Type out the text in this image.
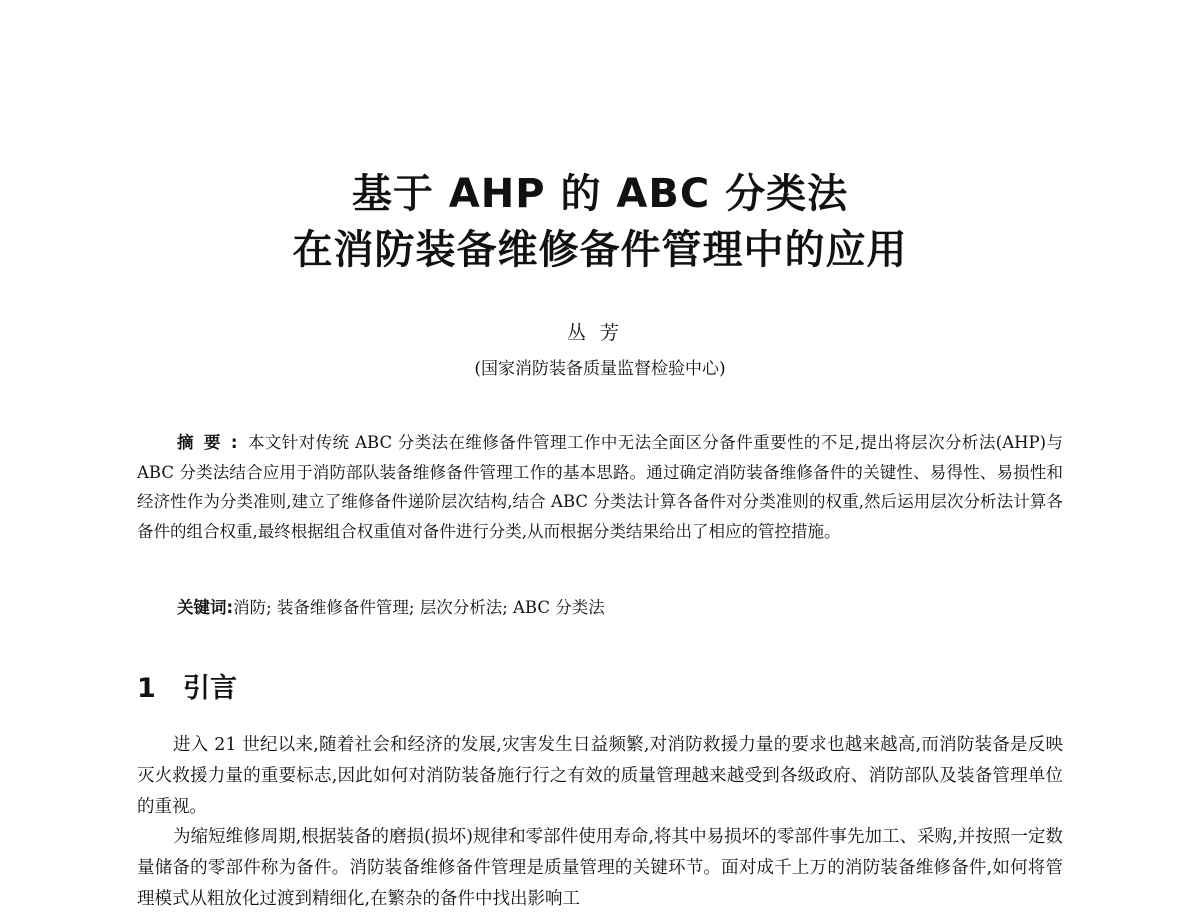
基于 AHP 的 ABC 分类法
在消防装备维修备件管理中的应用

丛芳

(国家消防装备质量监督检验中心)

摘要:本文针对传统 ABC 分类法在维修备件管理工作中无法全面区分备件重要性的不足,提出将层次分析法(AHP)与 ABC 分类法结合应用于消防部队装备维修备件管理工作的基本思路。通过确定消防装备维修备件的关键性、易得性、易损性和经济性作为分类准则,建立了维修备件递阶层次结构,结合 ABC 分类法计算各备件对分类准则的权重,然后运用层次分析法计算各备件的组合权重,最终根据组合权重值对备件进行分类,从而根据分类结果给出了相应的管控措施。

关键词:消防; 装备维修备件管理; 层次分析法; ABC 分类法

1 引言

进入 21 世纪以来,随着社会和经济的发展,灾害发生日益频繁,对消防救援力量的要求也越来越高,而消防装备是反映灭火救援力量的重要标志,因此如何对消防装备施行行之有效的质量管理越来越受到各级政府、消防部队及装备管理单位的重视。

为缩短维修周期,根据装备的磨损(损坏)规律和零部件使用寿命,将其中易损坏的零部件事先加工、采购,并按照一定数量储备的零部件称为备件。消防装备维修备件管理是质量管理的关键环节。面对成千上万的消防装备维修备件,如何将管理模式从粗放化过渡到精细化,在繁杂的备件中找出影响工
